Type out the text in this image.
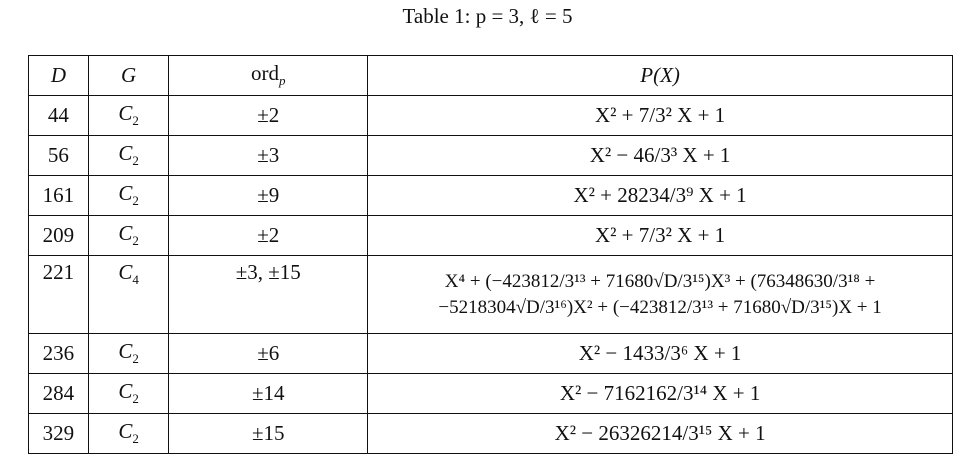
Table 1: p = 3, ℓ = 5
D	G	ord$_p$	P(X)
44	$C_2$	±2	X² + 7/3² X + 1
56	$C_2$	±3	X² − 46/3³ X + 1
161	$C_2$	±9	X² + 28234/3⁹ X + 1
209	$C_2$	±2	X² + 7/3² X + 1
221	$C_4$	±3, ±15	X⁴ + (−423812/3¹³ + 71680√D/3¹⁵)X³ + (76348630/3¹⁸ +
−5218304√D/3¹⁶)X² + (−423812/3¹³ + 71680√D/3¹⁵)X + 1

236	$C_2$	±6	X² − 1433/3⁶ X + 1
284	$C_2$	±14	X² − 7162162/3¹⁴ X + 1
329	$C_2$	±15	X² − 26326214/3¹⁵ X + 1
